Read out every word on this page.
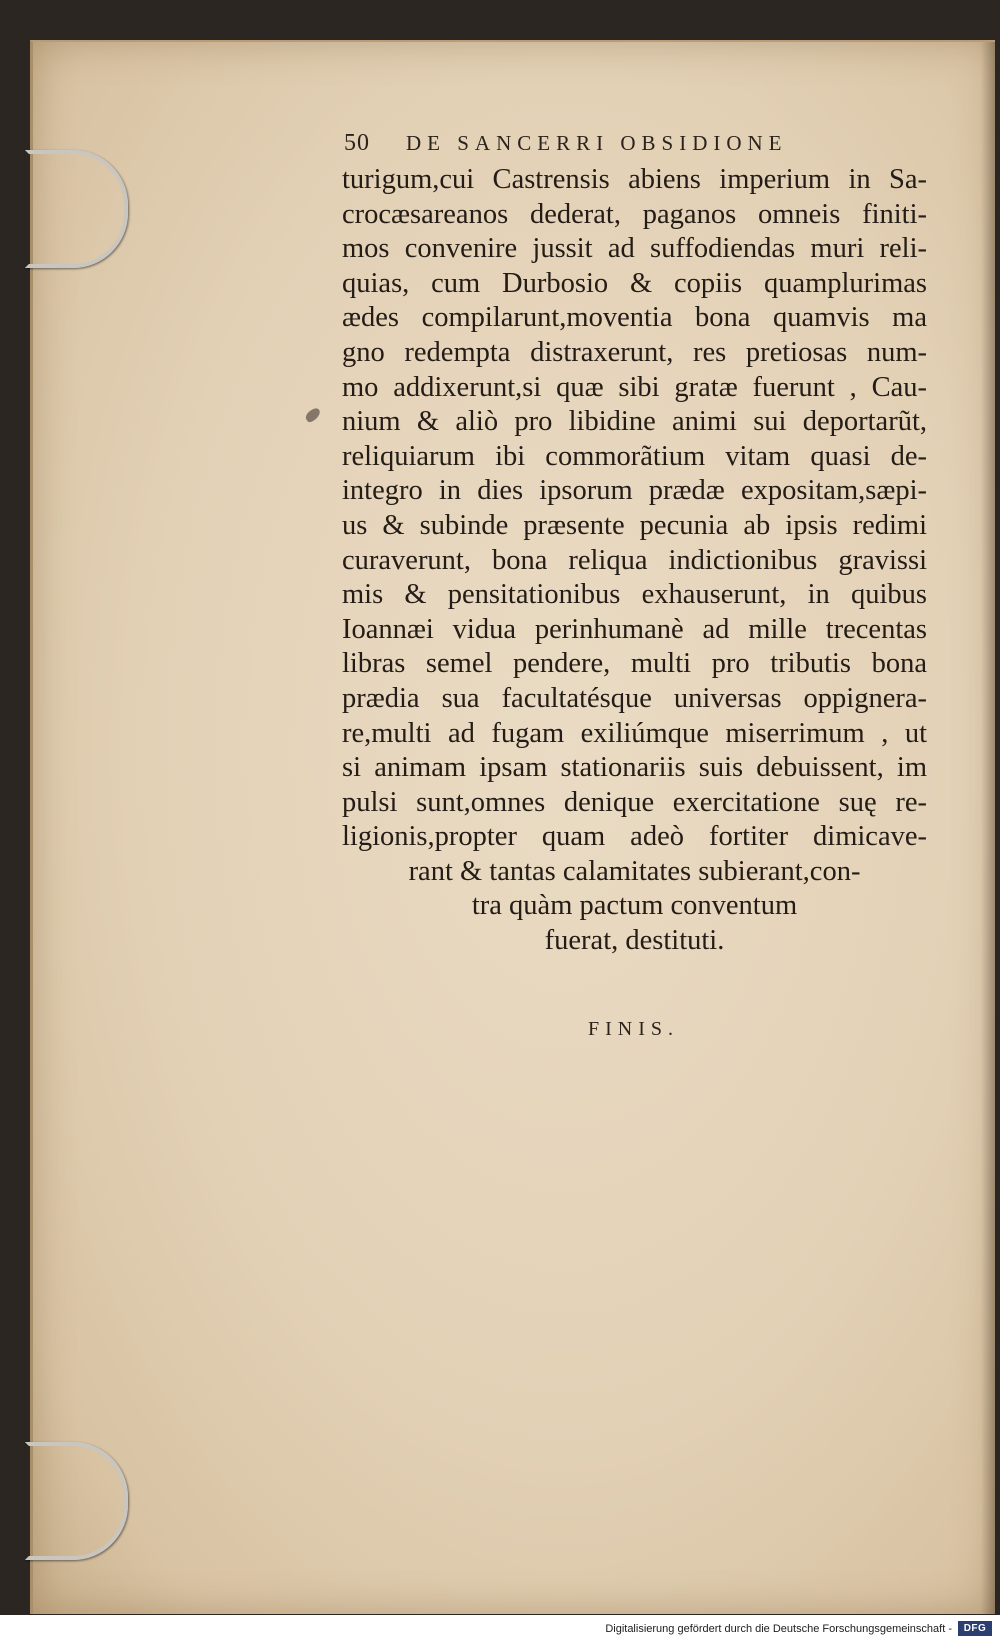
50 DE SANCERRI OBSIDIONE
turigum,cui Castrensis abiens imperium in Sa-
crocæsareanos dederat, paganos omneis finiti-
mos convenire jussit ad suffodiendas muri reli-
quias, cum Durbosio & copiis quamplurimas
ædes compilarunt,moventia bona quamvis ma
gno redempta distraxerunt, res pretiosas num-
mo addixerunt,si quæ sibi gratæ fuerunt , Cau-
nium & aliò pro libidine animi sui deportarũt,
reliquiarum ibi commorãtium vitam quasi de-
integro in dies ipsorum prædæ expositam,sæpi-
us & subinde præsente pecunia ab ipsis redimi
curaverunt, bona reliqua indictionibus gravissi
mis & pensitationibus exhauserunt, in quibus
Ioannæi vidua perinhumanè ad mille trecentas
libras semel pendere, multi pro tributis bona
prædia sua facultatésque universas oppignera-
re,multi ad fugam exiliúmque miserrimum , ut
si animam ipsam stationariis suis debuissent, im
pulsi sunt,omnes denique exercitatione suę re-
ligionis,propter quam adeò fortiter dimicave-
rant & tantas calamitates subierant,con-
tra quàm pactum conventum
fuerat, destituti.
FINIS.
Digitalisierung gefördert durch die Deutsche Forschungsgemeinschaft -	DFG
